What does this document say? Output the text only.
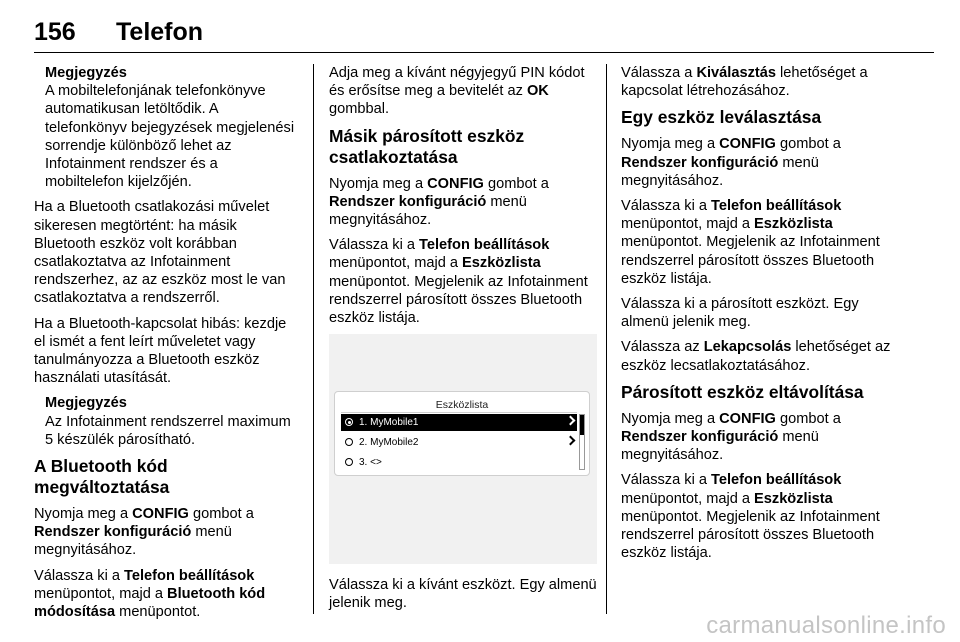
156 Telefon
Megjegyzés
A mobiltelefonjának telefonkönyve automatikusan letöltődik. A telefonkönyv bejegyzések megjelenési sorrendje különböző lehet az Infotainment rendszer és a mobiltelefon kijelzőjén.

Ha a Bluetooth csatlakozási művelet sikeresen megtörtént: ha másik Bluetooth eszköz volt korábban csatlakoztatva az Infotainment rendszerhez, az az eszköz most le van csatlakoztatva a rendszerről.

Ha a Bluetooth-kapcsolat hibás: kezdje el ismét a fent leírt műveletet vagy tanulmányozza a Bluetooth eszköz használati utasítását.

Megjegyzés
Az Infotainment rendszerrel maximum 5 készülék párosítható.
A Bluetooth kód megváltoztatása

Nyomja meg a CONFIG gombot a Rendszer konfiguráció menü megnyitásához.

Válassza ki a Telefon beállítások menüpontot, majd a Bluetooth kód módosítása menüpontot.

Adja meg a kívánt négyjegyű PIN kódot és erősítse meg a bevitelét az OK gombbal.

Másik párosított eszköz csatlakoztatása

Nyomja meg a CONFIG gombot a Rendszer konfiguráció menü megnyitásához.

Válassza ki a Telefon beállítások menüpontot, majd a Eszközlista menüpontot. Megjelenik az Infotainment rendszerrel párosított összes Bluetooth eszköz listája.

Eszközlista
1. MyMobile1
2. MyMobile2
3. <>

Válassza ki a kívánt eszközt. Egy almenü jelenik meg.

Válassza a Kiválasztás lehetőséget a kapcsolat létrehozásához.

Egy eszköz leválasztása

Nyomja meg a CONFIG gombot a Rendszer konfiguráció menü megnyitásához.

Válassza ki a Telefon beállítások menüpontot, majd a Eszközlista menüpontot. Megjelenik az Infotainment rendszerrel párosított összes Bluetooth eszköz listája.

Válassza ki a párosított eszközt. Egy almenü jelenik meg.

Válassza az Lekapcsolás lehetőséget az eszköz lecsatlakoztatásához.

Párosított eszköz eltávolítása

Nyomja meg a CONFIG gombot a Rendszer konfiguráció menü megnyitásához.

Válassza ki a Telefon beállítások menüpontot, majd a Eszközlista menüpontot. Megjelenik az Infotainment rendszerrel párosított összes Bluetooth eszköz listája.

carmanualsonline.info
